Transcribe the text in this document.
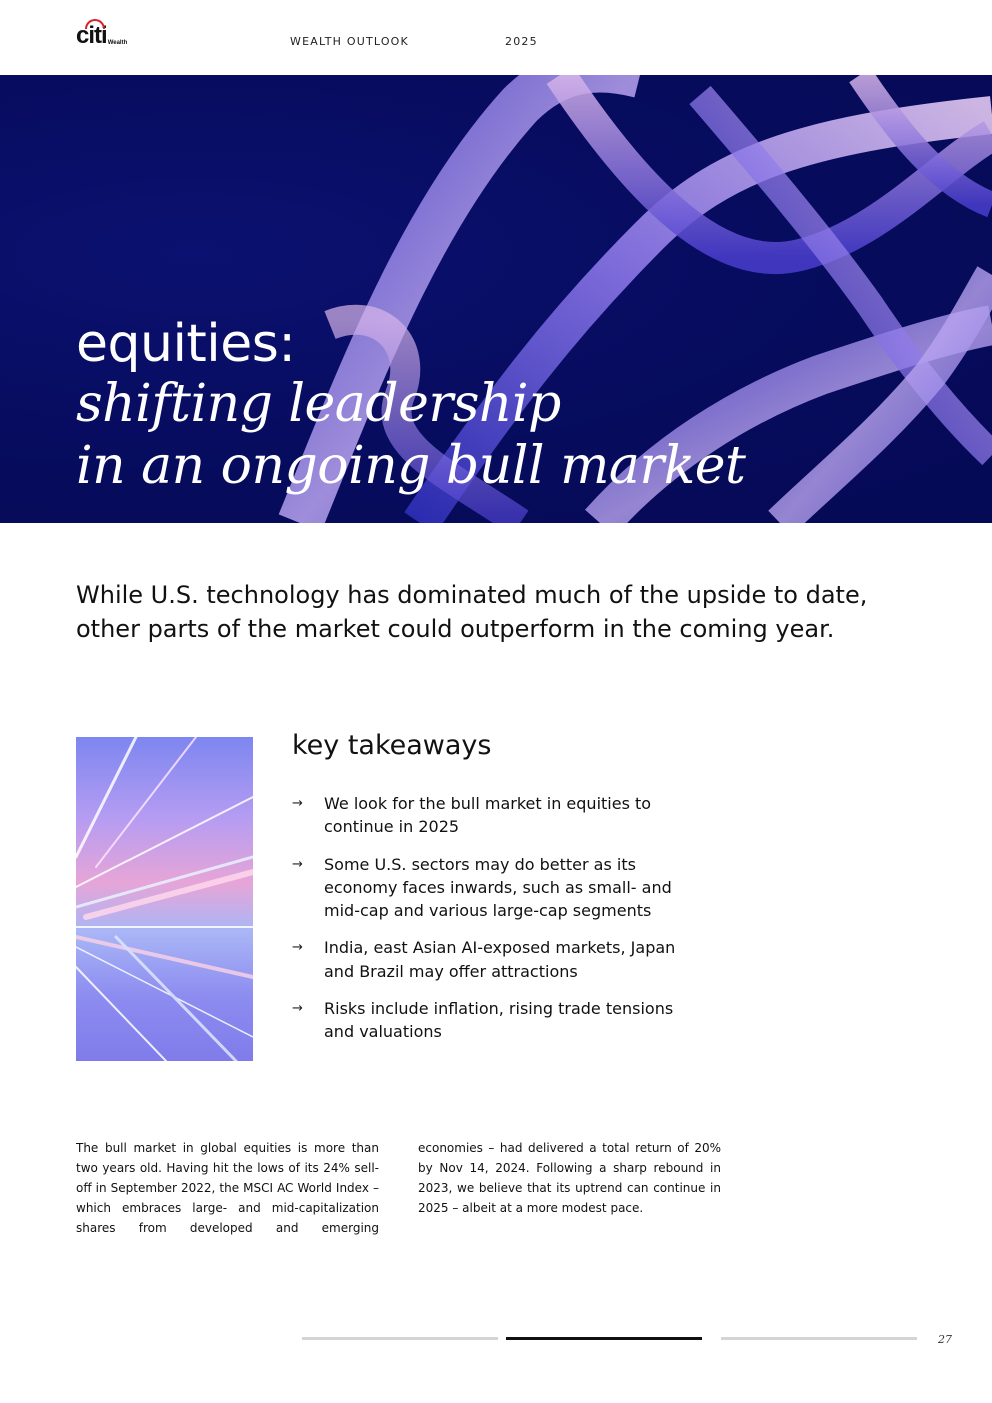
citi Wealth	WEALTH OUTLOOK	2025
equities:
shifting leadership
in an ongoing bull market
While U.S. technology has dominated much of the upside to date, other parts of the market could outperform in the coming year.
key takeaways
→	We look for the bull market in equities to continue in 2025
→	Some U.S. sectors may do better as its economy faces inwards, such as small- and mid-cap and various large-cap segments
→	India, east Asian AI-exposed markets, Japan and Brazil may offer attractions
→	Risks include inflation, rising trade tensions and valuations
The bull market in global equities is more than two years old. Having hit the lows of its 24% sell-off in September 2022, the MSCI AC World Index – which embraces large- and mid-capitalization shares from developed and emerging
economies – had delivered a total return of 20% by Nov 14, 2024. Following a sharp rebound in 2023, we believe that its uptrend can continue in 2025 – albeit at a more modest pace.
27
